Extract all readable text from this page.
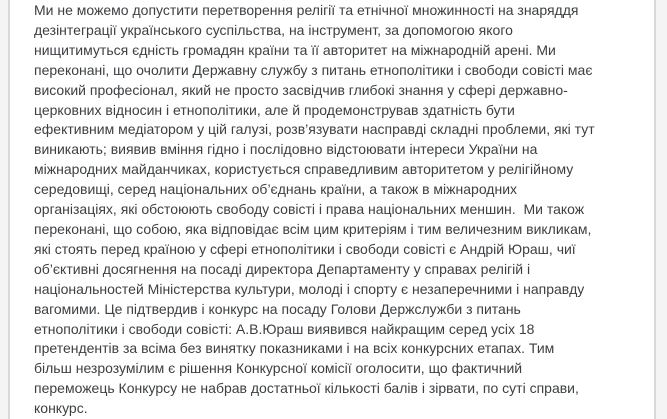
Ми не можемо допустити перетворення релігії та етнічної множинності на знаряддя
дезінтеграції українського суспільства, на інструмент, за допомогою якого
нищитимуться єдність громадян країни та її авторитет на міжнародній арені. Ми
переконані, що очолити Державну службу з питань етнополітики і свободи совісті має
високий професіонал, який не просто засвідчив глибокі знання у сфері державно-
церковних відносин і етнополітики, але й продемонстрував здатність бути
ефективним медіатором у цій галузі, розв’язувати насправді складні проблеми, які тут
виникають; виявив вміння гідно і послідовно відстоювати інтереси України на
міжнародних майданчиках, користується справедливим авторитетом у релігійному
середовищі, серед національних об’єднань країни, а також в міжнародних
організаціях, які обстоюють свободу совісті і права національних меншин.  Ми також
переконані, що собою, яка відповідає всім цим критеріям і тим величезним викликам,
які стоять перед країною у сфері етнополітики і свободи совісті є Андрій Юраш, чиї
об’єктивні досягнення на посаді директора Департаменту у справах релігій і
національностей Міністерства культури, молоді і спорту є незаперечними і направду
вагомими. Це підтвердив і конкурс на посаду Голови Держслужби з питань
етнополітики і свободи совісті: А.В.Юраш виявився найкращим серед усіх 18
претендентів за всіма без винятку показниками і на всіх конкурсних етапах. Тим
більш незрозумілим є рішення Конкурсної комісії оголосити, що фактичний
переможець Конкурсу не набрав достатньої кількості балів і зірвати, по суті справи,
конкурс.
